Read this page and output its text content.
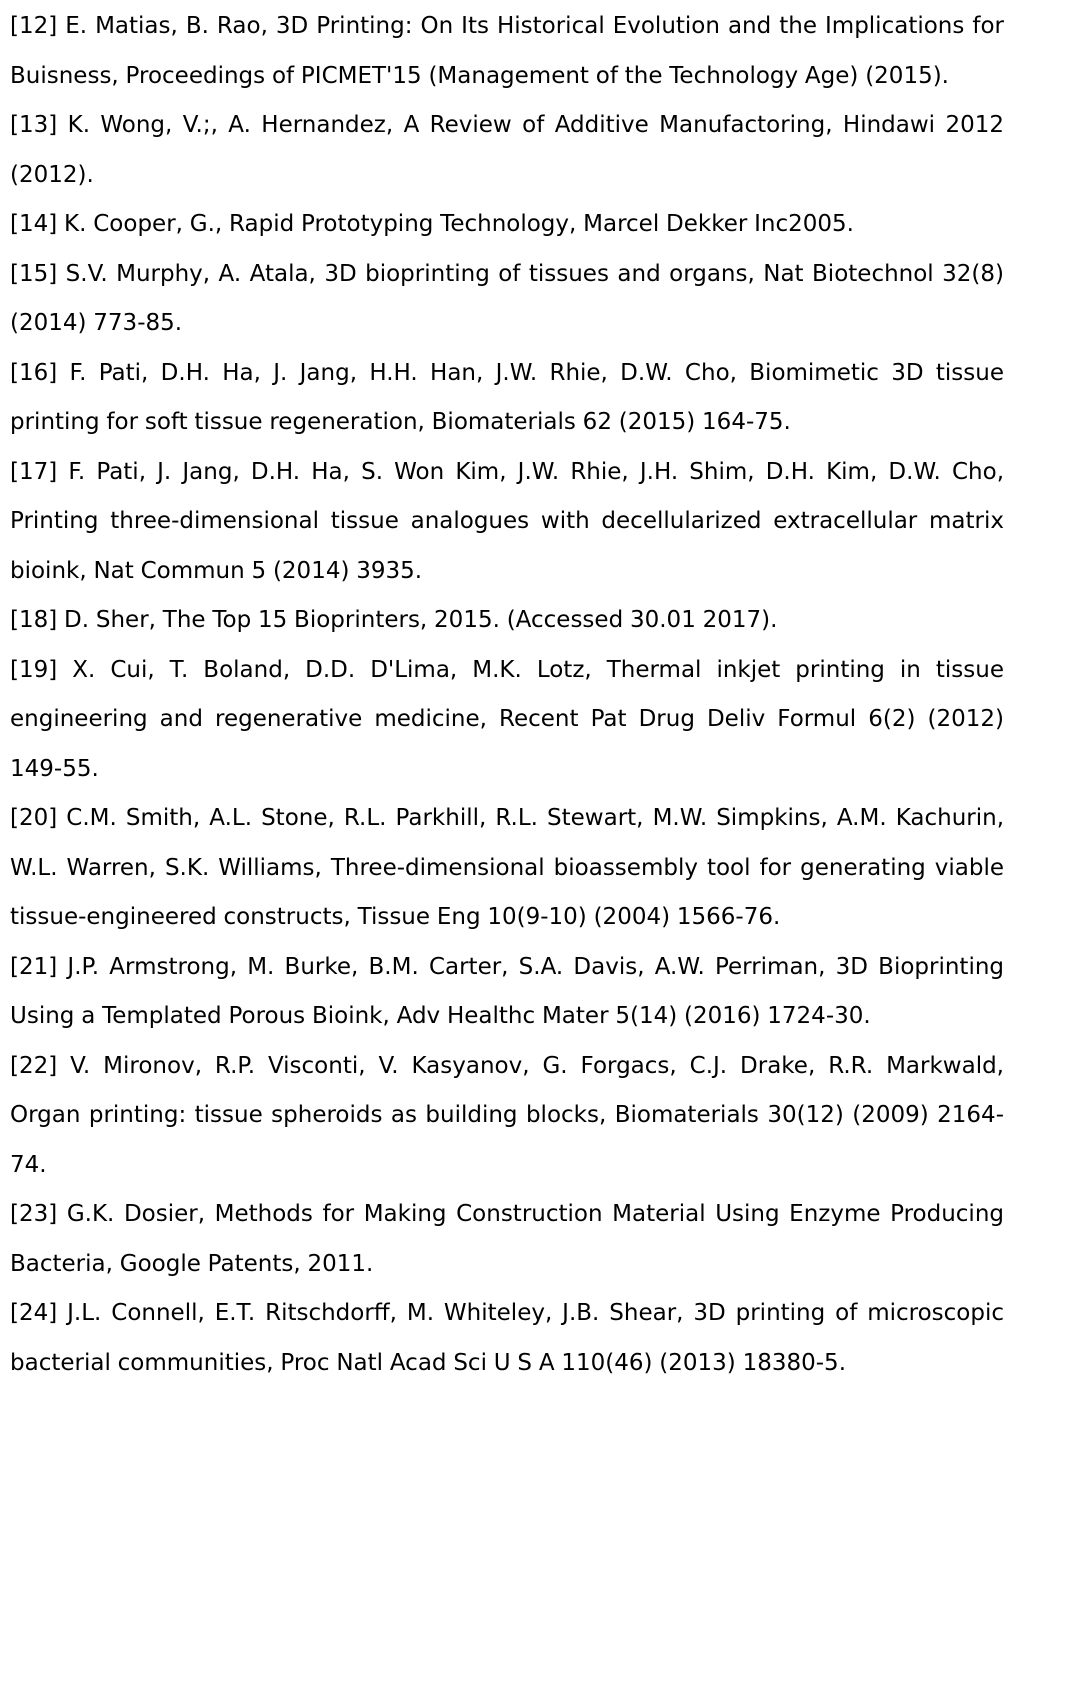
[12] E. Matias, B. Rao, 3D Printing: On Its Historical Evolution and the Implications for Buisness, Proceedings of PICMET'15 (Management of the Technology Age) (2015).

[13] K. Wong, V.;, A. Hernandez, A Review of Additive Manufactoring, Hindawi 2012 (2012).

[14] K. Cooper, G., Rapid Prototyping Technology, Marcel Dekker Inc2005.

[15] S.V. Murphy, A. Atala, 3D bioprinting of tissues and organs, Nat Biotechnol 32(8) (2014) 773-85.

[16] F. Pati, D.H. Ha, J. Jang, H.H. Han, J.W. Rhie, D.W. Cho, Biomimetic 3D tissue printing for soft tissue regeneration, Biomaterials 62 (2015) 164-75.

[17] F. Pati, J. Jang, D.H. Ha, S. Won Kim, J.W. Rhie, J.H. Shim, D.H. Kim, D.W. Cho, Printing three-dimensional tissue analogues with decellularized extracellular matrix bioink, Nat Commun 5 (2014) 3935.

[18] D. Sher, The Top 15 Bioprinters, 2015. (Accessed 30.01 2017).

[19] X. Cui, T. Boland, D.D. D'Lima, M.K. Lotz, Thermal inkjet printing in tissue engineering and regenerative medicine, Recent Pat Drug Deliv Formul 6(2) (2012) 149-55.

[20] C.M. Smith, A.L. Stone, R.L. Parkhill, R.L. Stewart, M.W. Simpkins, A.M. Kachurin, W.L. Warren, S.K. Williams, Three-dimensional bioassembly tool for generating viable tissue-engineered constructs, Tissue Eng 10(9-10) (2004) 1566-76.

[21] J.P. Armstrong, M. Burke, B.M. Carter, S.A. Davis, A.W. Perriman, 3D Bioprinting Using a Templated Porous Bioink, Adv Healthc Mater 5(14) (2016) 1724-30.

[22] V. Mironov, R.P. Visconti, V. Kasyanov, G. Forgacs, C.J. Drake, R.R. Markwald, Organ printing: tissue spheroids as building blocks, Biomaterials 30(12) (2009) 2164-74.

[23] G.K. Dosier, Methods for Making Construction Material Using Enzyme Producing Bacteria, Google Patents, 2011.

[24] J.L. Connell, E.T. Ritschdorff, M. Whiteley, J.B. Shear, 3D printing of microscopic bacterial communities, Proc Natl Acad Sci U S A 110(46) (2013) 18380-5.
